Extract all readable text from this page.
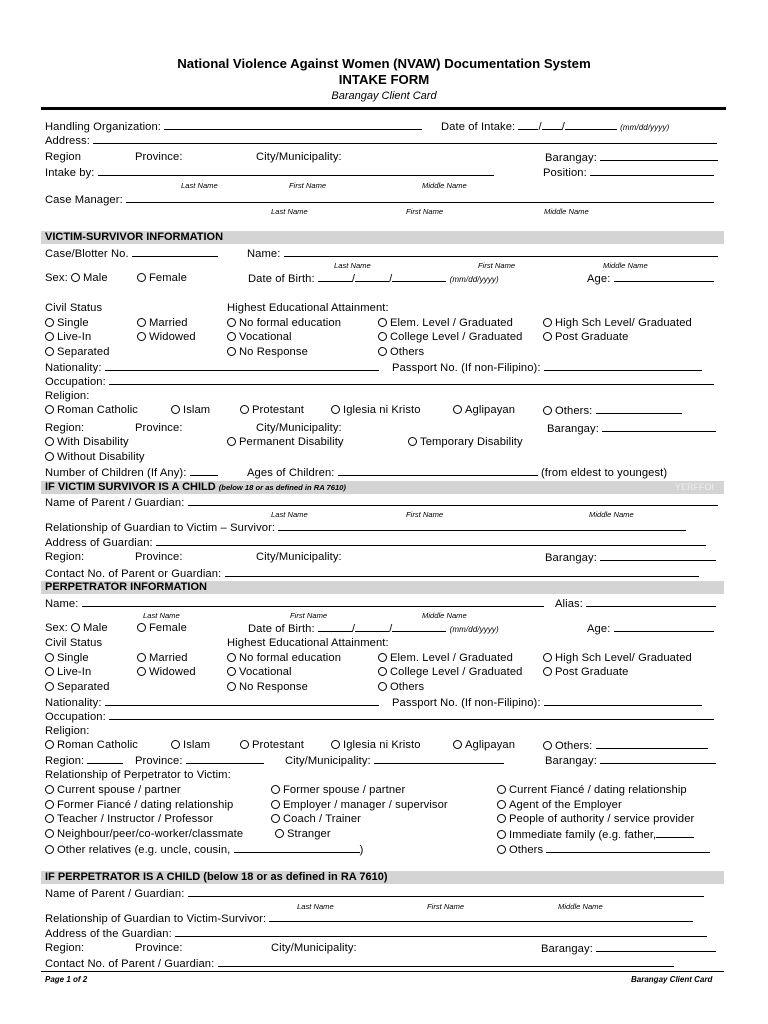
National Violence Against Women (NVAW) Documentation System
INTAKE FORM
Barangay Client Card
Handling Organization:	Date of Intake: / /	(mm/dd/yyyy)
Address:
Region	Province:	City/Municipality:	Barangay:
Intake by:	Position:
Last Name	First Name	Middle Name
Case Manager:
Last Name	First Name	Middle Name
VICTIM-SURVIVOR INFORMATION
Case/Blotter No.	Name:
Last Name	First Name	Middle Name
Sex: Male	Female	Date of Birth:	/	/	(mm/dd/yyyy)	Age:
Civil Status	Highest Educational Attainment:
Single	Married	No formal education	Elem. Level / Graduated	High Sch Level/ Graduated
Live-In	Widowed	Vocational	College Level / Graduated	Post Graduate
Separated	No Response	Others
Nationality:	Passport No. (If non-Filipino):
Occupation:
Religion:
Roman Catholic	Islam	Protestant	Iglesia ni Kristo	Aglipayan	Others:
Region:	Province:	City/Municipality:	Barangay:
With Disability	Permanent Disability	Temporary Disability
Without Disability
Number of Children (If Any):	Ages of Children:	(from eldest to youngest)
IF VICTIM SURVIVOR IS A CHILD (below 18 or as defined in RA 7610)	YERFFOI
Name of Parent / Guardian:
Last Name	First Name	Middle Name
Relationship of Guardian to Victim – Survivor:
Address of Guardian:
Region:	Province:	City/Municipality:	Barangay:
Contact No. of Parent or Guardian:
PERPETRATOR INFORMATION
Name:	Alias:
Last Name	First Name	Middle Name
Sex: Male	Female	Date of Birth:	/	/	(mm/dd/yyyy)	Age:
Civil Status	Highest Educational Attainment:
Single	Married	No formal education	Elem. Level / Graduated	High Sch Level/ Graduated
Live-In	Widowed	Vocational	College Level / Graduated	Post Graduate
Separated	No Response	Others
Nationality:	Passport No. (If non-Filipino):
Occupation:
Religion:
Roman Catholic	Islam	Protestant	Iglesia ni Kristo	Aglipayan	Others:
Region:	Province:	City/Municipality:	Barangay:
Relationship of Perpetrator to Victim:
Current spouse / partner	Former spouse / partner	Current Fiancé / dating relationship
Former Fiancé / dating relationship	Employer / manager / supervisor	Agent of the Employer
Teacher / Instructor / Professor	Coach / Trainer	People of authority / service provider
Neighbour/peer/co-worker/classmate	Stranger	Immediate family (e.g. father,
Other relatives (e.g. uncle, cousin,	)	Others
IF PERPETRATOR IS A CHILD (below 18 or as defined in RA 7610)
Name of Parent / Guardian:
Last Name	First Name	Middle Name
Relationship of Guardian to Victim-Survivor:
Address of the Guardian:
Region:	Province:	City/Municipality:	Barangay:
Contact No. of Parent / Guardian:
Page 1 of 2	Barangay Client Card
